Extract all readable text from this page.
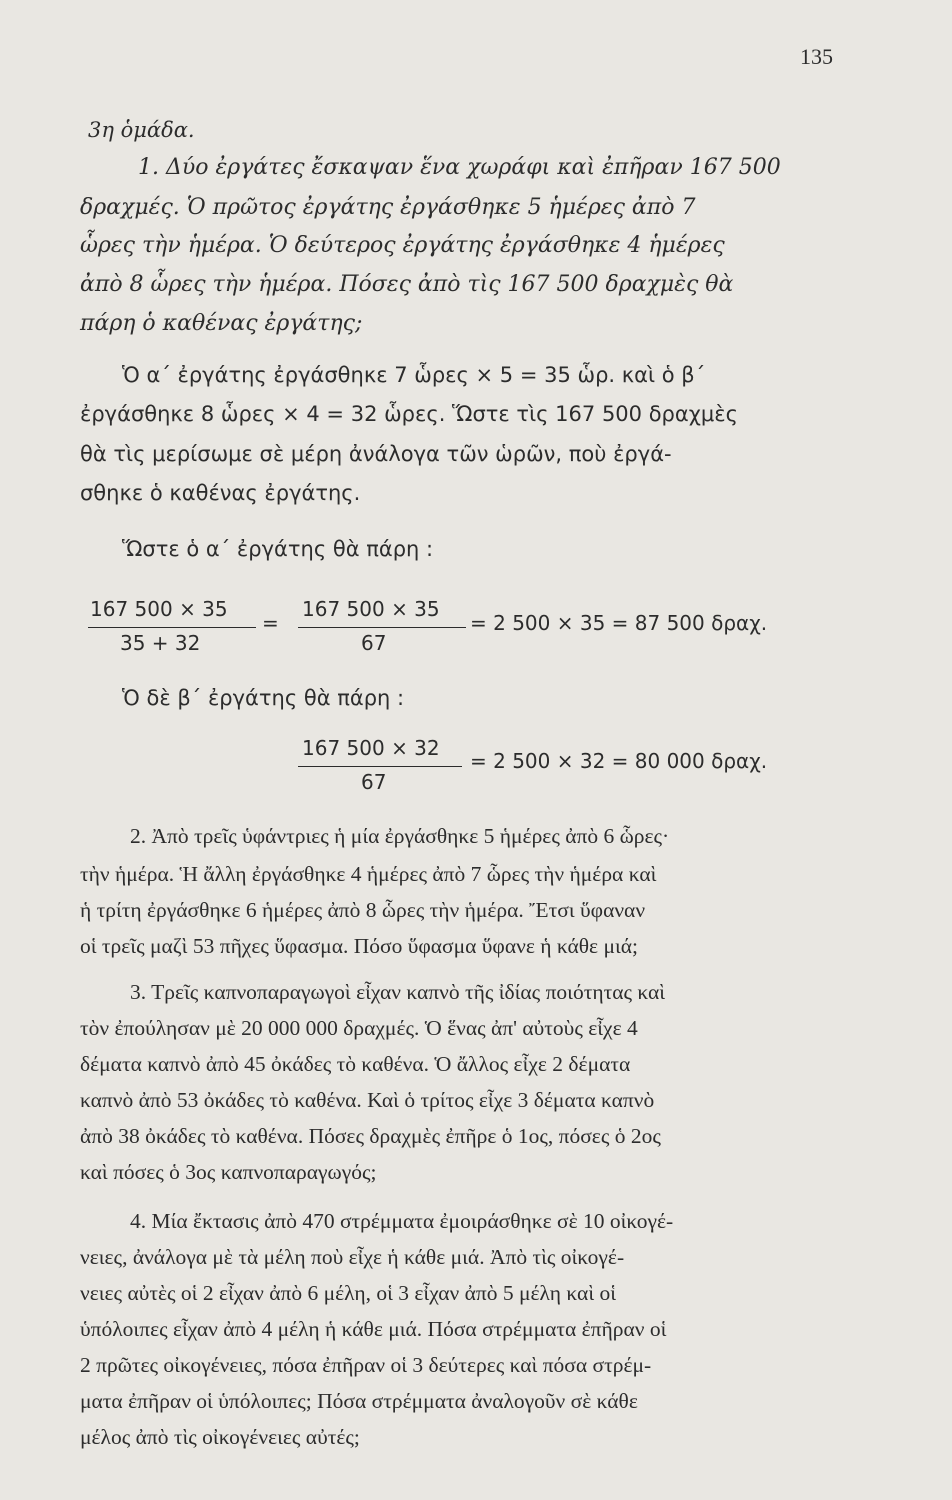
135
3η ὁμάδα.
1. Δύο ἐργάτες ἔσκαψαν ἕνα χωράφι καὶ ἐπῆραν 167 500
δραχμές. Ὁ πρῶτος ἐργάτης ἐργάσθηκε 5 ἡμέρες ἀπὸ 7
ὧρες τὴν ἡμέρα. Ὁ δεύτερος ἐργάτης ἐργάσθηκε 4 ἡμέρες
ἀπὸ 8 ὧρες τὴν ἡμέρα. Πόσες ἀπὸ τὶς 167 500 δραχμὲς θὰ
πάρη ὁ καθένας ἐργάτης;
Ὁ α΄ ἐργάτης ἐργάσθηκε 7 ὧρες × 5 = 35 ὧρ. καὶ ὁ β΄
ἐργάσθηκε 8 ὧρες × 4 = 32 ὧρες. Ὥστε τὶς 167 500 δραχμὲς
θὰ τὶς μερίσωμε σὲ μέρη ἀνάλογα τῶν ὡρῶν, ποὺ ἐργά-
σθηκε ὁ καθένας ἐργάτης.
Ὥστε ὁ α΄ ἐργάτης θὰ πάρη :
167 500 × 35
35 + 32
=
167 500 × 35
67
= 2 500 × 35 = 87 500 δραχ.
Ὁ δὲ β΄ ἐργάτης θὰ πάρη :
167 500 × 32
67
= 2 500 × 32 = 80 000 δραχ.
2. Ἀπὸ τρεῖς ὑφάντριες ἡ μία ἐργάσθηκε 5 ἡμέρες ἀπὸ 6 ὧρες·
τὴν ἡμέρα. Ἡ ἄλλη ἐργάσθηκε 4 ἡμέρες ἀπὸ 7 ὧρες τὴν ἡμέρα καὶ
ἡ τρίτη ἐργάσθηκε 6 ἡμέρες ἀπὸ 8 ὧρες τὴν ἡμέρα. Ἔτσι ὕφαναν
οἱ τρεῖς μαζὶ 53 πῆχες ὕφασμα. Πόσο ὕφασμα ὕφανε ἡ κάθε μιά;
3. Τρεῖς καπνοπαραγωγοὶ εἶχαν καπνὸ τῆς ἰδίας ποιότητας καὶ
τὸν ἐπούλησαν μὲ 20 000 000 δραχμές. Ὁ ἕνας ἀπ' αὐτοὺς εἶχε 4
δέματα καπνὸ ἀπὸ 45 ὀκάδες τὸ καθένα. Ὁ ἄλλος εἶχε 2 δέματα
καπνὸ ἀπὸ 53 ὀκάδες τὸ καθένα. Καὶ ὁ τρίτος εἶχε 3 δέματα καπνὸ
ἀπὸ 38 ὀκάδες τὸ καθένα. Πόσες δραχμὲς ἐπῆρε ὁ 1ος, πόσες ὁ 2ος
καὶ πόσες ὁ 3ος καπνοπαραγωγός;
4. Μία ἔκτασις ἀπὸ 470 στρέμματα ἐμοιράσθηκε σὲ 10 οἰκογέ-
νειες, ἀνάλογα μὲ τὰ μέλη ποὺ εἶχε ἡ κάθε μιά. Ἀπὸ τὶς οἰκογέ-
νειες αὐτὲς οἱ 2 εἶχαν ἀπὸ 6 μέλη, οἱ 3 εἶχαν ἀπὸ 5 μέλη καὶ οἱ
ὑπόλοιπες εἶχαν ἀπὸ 4 μέλη ἡ κάθε μιά. Πόσα στρέμματα ἐπῆραν οἱ
2 πρῶτες οἰκογένειες, πόσα ἐπῆραν οἱ 3 δεύτερες καὶ πόσα στρέμ-
ματα ἐπῆραν οἱ ὑπόλοιπες; Πόσα στρέμματα ἀναλογοῦν σὲ κάθε
μέλος ἀπὸ τὶς οἰκογένειες αὐτές;
